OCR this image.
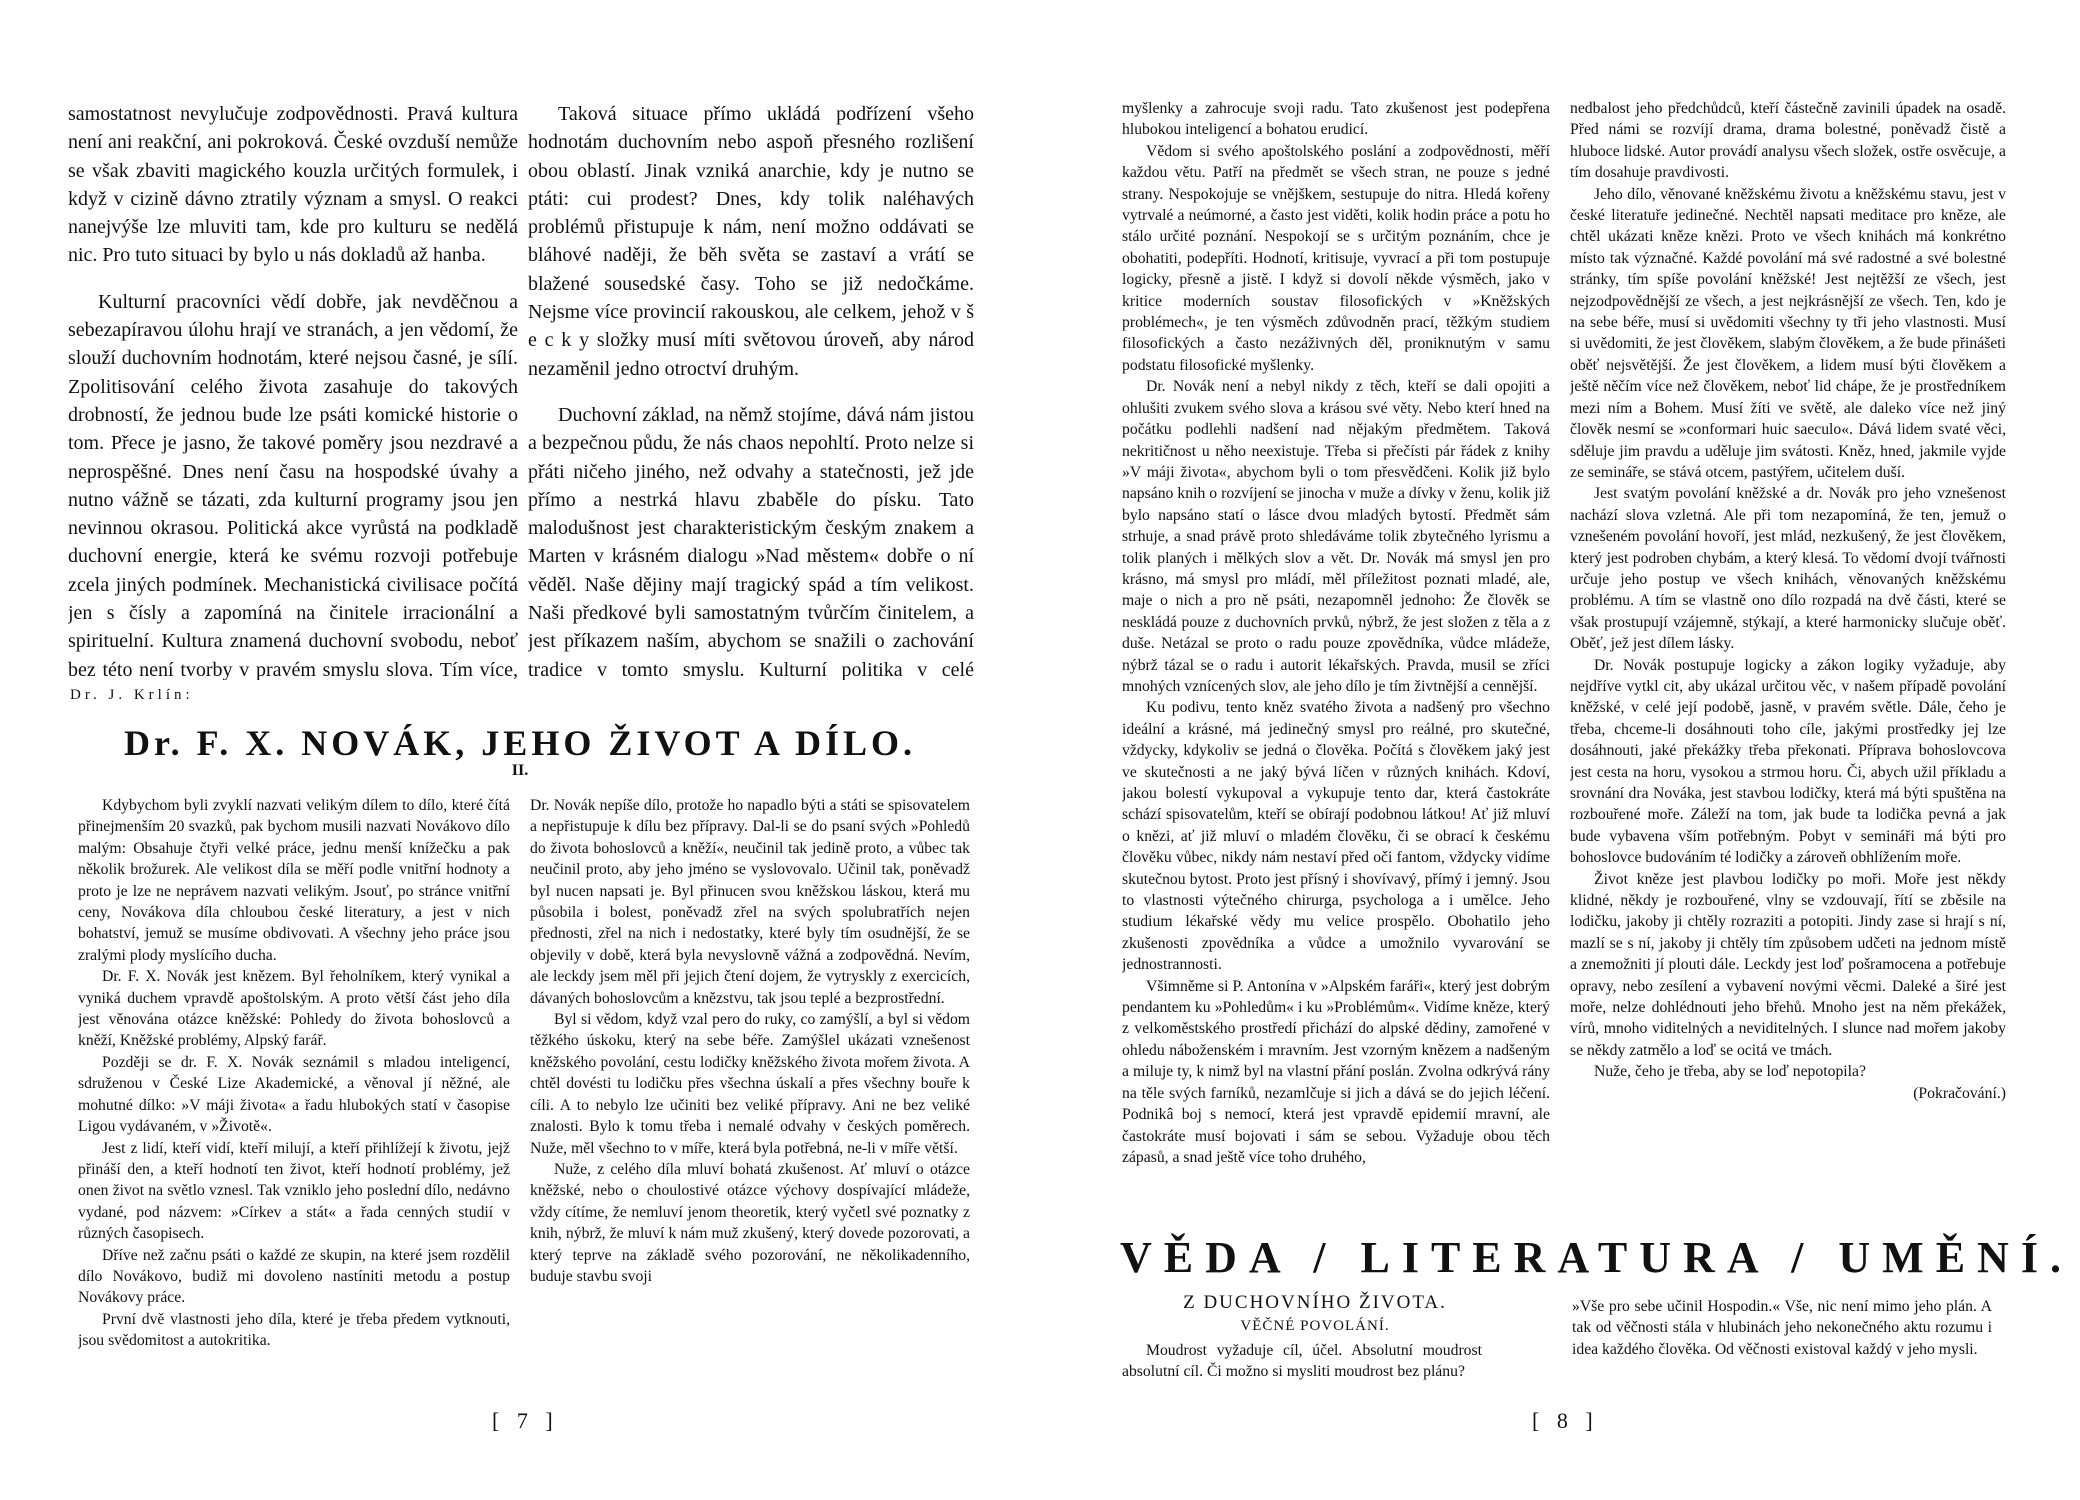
samostatnost nevylučuje zodpovědnosti. Pravá kultura není ani reakční, ani pokroková. České ovzduší nemůže se však zbaviti magického kouzla určitých formulek, i když v cizině dávno ztratily význam a smysl. O reakci nanejvýše lze mluviti tam, kde pro kulturu se nedělá nic. Pro tuto situaci by bylo u nás dokladů až hanba.

Kulturní pracovníci vědí dobře, jak nevděčnou a sebezapíravou úlohu hrají ve stranách, a jen vědomí, že slouží duchovním hodnotám, které nejsou časné, je sílí. Zpolitisování celého života zasahuje do takových drobností, že jednou bude lze psáti komické historie o tom. Přece je jasno, že takové poměry jsou nezdravé a neprospěšné. Dnes není času na hospodské úvahy a nutno vážně se tázati, zda kulturní programy jsou jen nevinnou okrasou. Politická akce vyrůstá na podkladě duchovní energie, která ke svému rozvoji potřebuje zcela jiných podmínek. Mechanistická civilisace počítá jen s čísly a zapomíná na činitele irracionální a spirituelní. Kultura znamená duchovní svobodu, neboť bez této není tvorby v pravém smyslu slova. Tím více,

Taková situace přímo ukládá podřízení všeho hodnotám duchovním nebo aspoň přesného rozlišení obou oblastí. Jinak vzniká anarchie, kdy je nutno se ptáti: cui prodest? Dnes, kdy tolik naléhavých problémů přistupuje k nám, není možno oddávati se bláhové naději, že běh světa se zastaví a vrátí se blažené sousedské časy. Toho se již nedočkáme. Nejsme více provincií rakouskou, ale celkem, jehož v š e c k y složky musí míti světovou úroveň, aby národ nezaměnil jedno otroctví druhým.

Duchovní základ, na němž stojíme, dává nám jistou a bezpečnou půdu, že nás chaos nepohltí. Proto nelze si přáti ničeho jiného, než odvahy a statečnosti, jež jde přímo a nestrká hlavu zbaběle do písku. Tato malodušnost jest charakteristickým českým znakem a Marten v krásném dialogu »Nad městem« dobře o ní věděl. Naše dějiny mají tragický spád a tím velikost. Naši předkové byli samostatným tvůrčím činitelem, a jest příkazem naším, abychom se snažili o zachování tradice v tomto smyslu. Kulturní politika v celé

Dr. J. Krlín:
Dr. F. X. NOVÁK, JEHO ŽIVOT A DÍLO.
II.

Kdybychom byli zvyklí nazvati velikým dílem to dílo, které čítá přinejmenším 20 svazků, pak bychom musili nazvati Novákovo dílo malým: Obsahuje čtyři velké práce, jednu menší knížečku a pak několik brožurek. Ale velikost díla se měří podle vnitřní hodnoty a proto je lze ne neprávem nazvati velikým. Jsouť, po stránce vnitřní ceny, Novákova díla chloubou české literatury, a jest v nich bohatství, jemuž se musíme obdivovati. A všechny jeho práce jsou zralými plody myslícího ducha.

Dr. F. X. Novák jest knězem. Byl řeholníkem, který vynikal a vyniká duchem vpravdě apoštolským. A proto větší část jeho díla jest věnována otázce kněžské: Pohledy do života bohoslovců a kněží, Kněžské problémy, Alpský farář.

Později se dr. F. X. Novák seznámil s mladou inteligencí, sdruženou v České Lize Akademické, a věnoval jí něžné, ale mohutné dílko: »V máji života« a řadu hlubokých statí v časopise Ligou vydávaném, v »Životě«.

Jest z lidí, kteří vidí, kteří milují, a kteří přihlížejí k životu, jejž přináší den, a kteří hodnotí ten život, kteří hodnotí problémy, jež onen život na světlo vznesl. Tak vzniklo jeho poslední dílo, nedávno vydané, pod názvem: »Církev a stát« a řada cenných studií v různých časopisech.

Dříve než začnu psáti o každé ze skupin, na které jsem rozdělil dílo Novákovo, budiž mi dovoleno nastíniti metodu a postup Novákovy práce.

První dvě vlastnosti jeho díla, které je třeba předem vytknouti, jsou svědomitost a autokritika.

Dr. Novák nepíše dílo, protože ho napadlo býti a státi se spisovatelem a nepřistupuje k dílu bez přípravy. Dal-li se do psaní svých »Pohledů do života bohoslovců a kněží«, neučinil tak jedině proto, a vůbec tak neučinil proto, aby jeho jméno se vyslovovalo. Učinil tak, poněvadž byl nucen napsati je. Byl přinucen svou kněžskou láskou, která mu působila i bolest, poněvadž zřel na svých spolubratřích nejen přednosti, zřel na nich i nedostatky, které byly tím osudnější, že se objevily v době, která byla nevyslovně vážná a zodpovědná. Nevím, ale leckdy jsem měl při jejich čtení dojem, že vytryskly z exercicích, dávaných bohoslovcům a knězstvu, tak jsou teplé a bezprostřední.

Byl si vědom, když vzal pero do ruky, co zamýšlí, a byl si vědom těžkého úskoku, který na sebe béře. Zamýšlel ukázati vznešenost kněžského povolání, cestu lodičky kněžského života mořem života. A chtěl dovésti tu lodičku přes všechna úskalí a přes všechny bouře k cíli. A to nebylo lze učiniti bez veliké přípravy. Ani ne bez veliké znalosti. Bylo k tomu třeba i nemalé odvahy v českých poměrech. Nuže, měl všechno to v míře, která byla potřebná, ne-li v míře větší.

Nuže, z celého díla mluví bohatá zkušenost. Ať mluví o otázce kněžské, nebo o choulostivé otázce výchovy dospívající mládeže, vždy cítíme, že nemluví jenom theoretik, který vyčetl své poznatky z knih, nýbrž, že mluví k nám muž zkušený, který dovede pozorovati, a který teprve na základě svého pozorování, ne několikadenního, buduje stavbu svoji

[ 7 ]

myšlenky a zahrocuje svoji radu. Tato zkušenost jest podepřena hlubokou inteligencí a bohatou erudicí.

Vědom si svého apoštolského poslání a zodpovědnosti, měří každou větu. Patří na předmět se všech stran, ne pouze s jedné strany. Nespokojuje se vnějškem, sestupuje do nitra. Hledá kořeny vytrvalé a neúmorné, a často jest viděti, kolik hodin práce a potu ho stálo určité poznání. Nespokojí se s určitým poznáním, chce je obohatiti, podepříti. Hodnotí, kritisuje, vyvrací a při tom postupuje logicky, přesně a jistě. I když si dovolí někde výsměch, jako v kritice moderních soustav filosofických v »Kněžských problémech«, je ten výsměch zdůvodněn prací, těžkým studiem filosofických a často nezáživných děl, proniknutým v samu podstatu filosofické myšlenky.

Dr. Novák není a nebyl nikdy z těch, kteří se dali opojiti a ohlušiti zvukem svého slova a krásou své věty. Nebo kterí hned na počátku podlehli nadšení nad nějakým předmětem. Taková nekritičnost u něho neexistuje. Třeba si přečísti pár řádek z knihy »V máji života«, abychom byli o tom přesvědčeni. Kolik již bylo napsáno knih o rozvíjení se jinocha v muže a dívky v ženu, kolik již bylo napsáno statí o lásce dvou mladých bytostí. Předmět sám strhuje, a snad právě proto shledáváme tolik zbytečného lyrismu a tolik planých i mělkých slov a vět. Dr. Novák má smysl jen pro krásno, má smysl pro mládí, měl příležitost poznati mladé, ale, maje o nich a pro ně psáti, nezapomněl jednoho: Že člověk se neskládá pouze z duchovních prvků, nýbrž, že jest složen z těla a z duše. Netázal se proto o radu pouze zpovědníka, vůdce mládeže, nýbrž tázal se o radu i autorit lékařských. Pravda, musil se zříci mnohých vznícených slov, ale jeho dílo je tím živtnější a cennější.

Ku podivu, tento kněz svatého života a nadšený pro všechno ideální a krásné, má jedinečný smysl pro reálné, pro skutečné, vždycky, kdykoliv se jedná o člověka. Počítá s člověkem jaký jest ve skutečnosti a ne jaký bývá líčen v různých knihách. Kdoví, jakou bolestí vykupoval a vykupuje tento dar, která častokráte schází spisovatelům, kteří se obírají podobnou látkou! Ať již mluví o knězi, ať již mluví o mladém člověku, či se obrací k českému člověku vůbec, nikdy nám nestaví před oči fantom, vždycky vidíme skutečnou bytost. Proto jest přísný i shovívavý, přímý i jemný. Jsou to vlastnosti výtečného chirurga, psychologa a i umělce. Jeho studium lékařské vědy mu velice prospělo. Obohatilo jeho zkušenosti zpovědníka a vůdce a umožnilo vyvarování se jednostrannosti.

Všimněme si P. Antonína v »Alpském faráři«, který jest dobrým pendantem ku »Pohledům« i ku »Problémům«. Vidíme kněze, který z velkoměstského prostředí přichází do alpské dědiny, zamořené v ohledu náboženském i mravním. Jest vzorným knězem a nadšeným a miluje ty, k nimž byl na vlastní přání poslán. Zvolna odkrývá rány na těle svých farníků, nezamlčuje si jich a dává se do jejich léčení. Podnikâ boj s nemocí, která jest vpravdě epidemií mravní, ale častokráte musí bojovati i sám se sebou. Vyžaduje obou těch zápasů, a snad ještě více toho druhého,

nedbalost jeho předchůdců, kteří částečně zavinili úpadek na osadě. Před námi se rozvíjí drama, drama bolestné, poněvadž čistě a hluboce lidské. Autor provádí analysu všech složek, ostře osvěcuje, a tím dosahuje pravdivosti.

Jeho dílo, věnované kněžskému životu a kněžskému stavu, jest v české literatuře jedinečné. Nechtěl napsati meditace pro kněze, ale chtěl ukázati kněze knězi. Proto ve všech knihách má konkrétno místo tak význačné. Každé povolání má své radostné a své bolestné stránky, tím spíše povolání kněžské! Jest nejtěžší ze všech, jest nejzodpovědnější ze všech, a jest nejkrásnější ze všech. Ten, kdo je na sebe béře, musí si uvědomiti všechny ty tři jeho vlastnosti. Musí si uvědomiti, že jest člověkem, slabým člověkem, a že bude přinášeti oběť nejsvětější. Že jest člověkem, a lidem musí býti člověkem a ještě něčím více než člověkem, neboť lid chápe, že je prostředníkem mezi ním a Bohem. Musí žíti ve světě, ale daleko více než jiný člověk nesmí se »conformari huic saeculo«. Dává lidem svaté věci, sděluje jim pravdu a uděluje jim svátosti. Kněz, hned, jakmile vyjde ze semináře, se stává otcem, pastýřem, učitelem duší.

Jest svatým povolání kněžské a dr. Novák pro jeho vznešenost nachází slova vzletná. Ale při tom nezapomíná, že ten, jemuž o vznešeném povolání hovoří, jest mlád, nezkušený, že jest člověkem, který jest podroben chybám, a který klesá. To vědomí dvojí tvářnosti určuje jeho postup ve všech knihách, věnovaných kněžskému problému. A tím se vlastně ono dílo rozpadá na dvě části, které se však prostupují vzájemně, stýkají, a které harmonicky slučuje oběť. Oběť, jež jest dílem lásky.

Dr. Novák postupuje logicky a zákon logiky vyžaduje, aby nejdříve vytkl cit, aby ukázal určitou věc, v našem případě povolání kněžské, v celé její podobě, jasně, v pravém světle. Dále, čeho je třeba, chceme-li dosáhnouti toho cíle, jakými prostředky jej lze dosáhnouti, jaké překážky třeba překonati. Příprava bohoslovcova jest cesta na horu, vysokou a strmou horu. Či, abych užil příkladu a srovnání dra Nováka, jest stavbou lodičky, která má býti spuštěna na rozbouřené moře. Záleží na tom, jak bude ta lodička pevná a jak bude vybavena vším potřebným. Pobyt v semináři má býti pro bohoslovce budováním té lodičky a zároveň obhlížením moře.

Život kněze jest plavbou lodičky po moři. Moře jest někdy klidné, někdy je rozbouřené, vlny se vzdouvají, řítí se zběsile na lodičku, jakoby ji chtěly rozraziti a potopiti. Jindy zase si hrají s ní, mazlí se s ní, jakoby ji chtěly tím způsobem udčeti na jednom místě a znemožniti jí plouti dále. Leckdy jest loď pošramocena a potřebuje opravy, nebo zesílení a vybavení novými věcmi. Daleké a širé jest moře, nelze dohlédnouti jeho břehů. Mnoho jest na něm překážek, vírů, mnoho viditelných a neviditelných. I slunce nad mořem jakoby se někdy zatmělo a loď se ocitá ve tmách.

Nuže, čeho je třeba, aby se loď nepotopila?

(Pokračování.)

VĚDA / LITERATURA / UMĚNÍ.
Z DUCHOVNÍHO ŽIVOTA.
VĚČNÉ POVOLÁNÍ.

Moudrost vyžaduje cíl, účel. Absolutní moudrost absolutní cíl. Či možno si mysliti moudrost bez plánu?

»Vše pro sebe učinil Hospodin.« Vše, nic není mimo jeho plán. A tak od věčnosti stála v hlubinách jeho nekonečného aktu rozumu i idea každého člověka. Od věčnosti existoval každý v jeho mysli.

[ 8 ]
